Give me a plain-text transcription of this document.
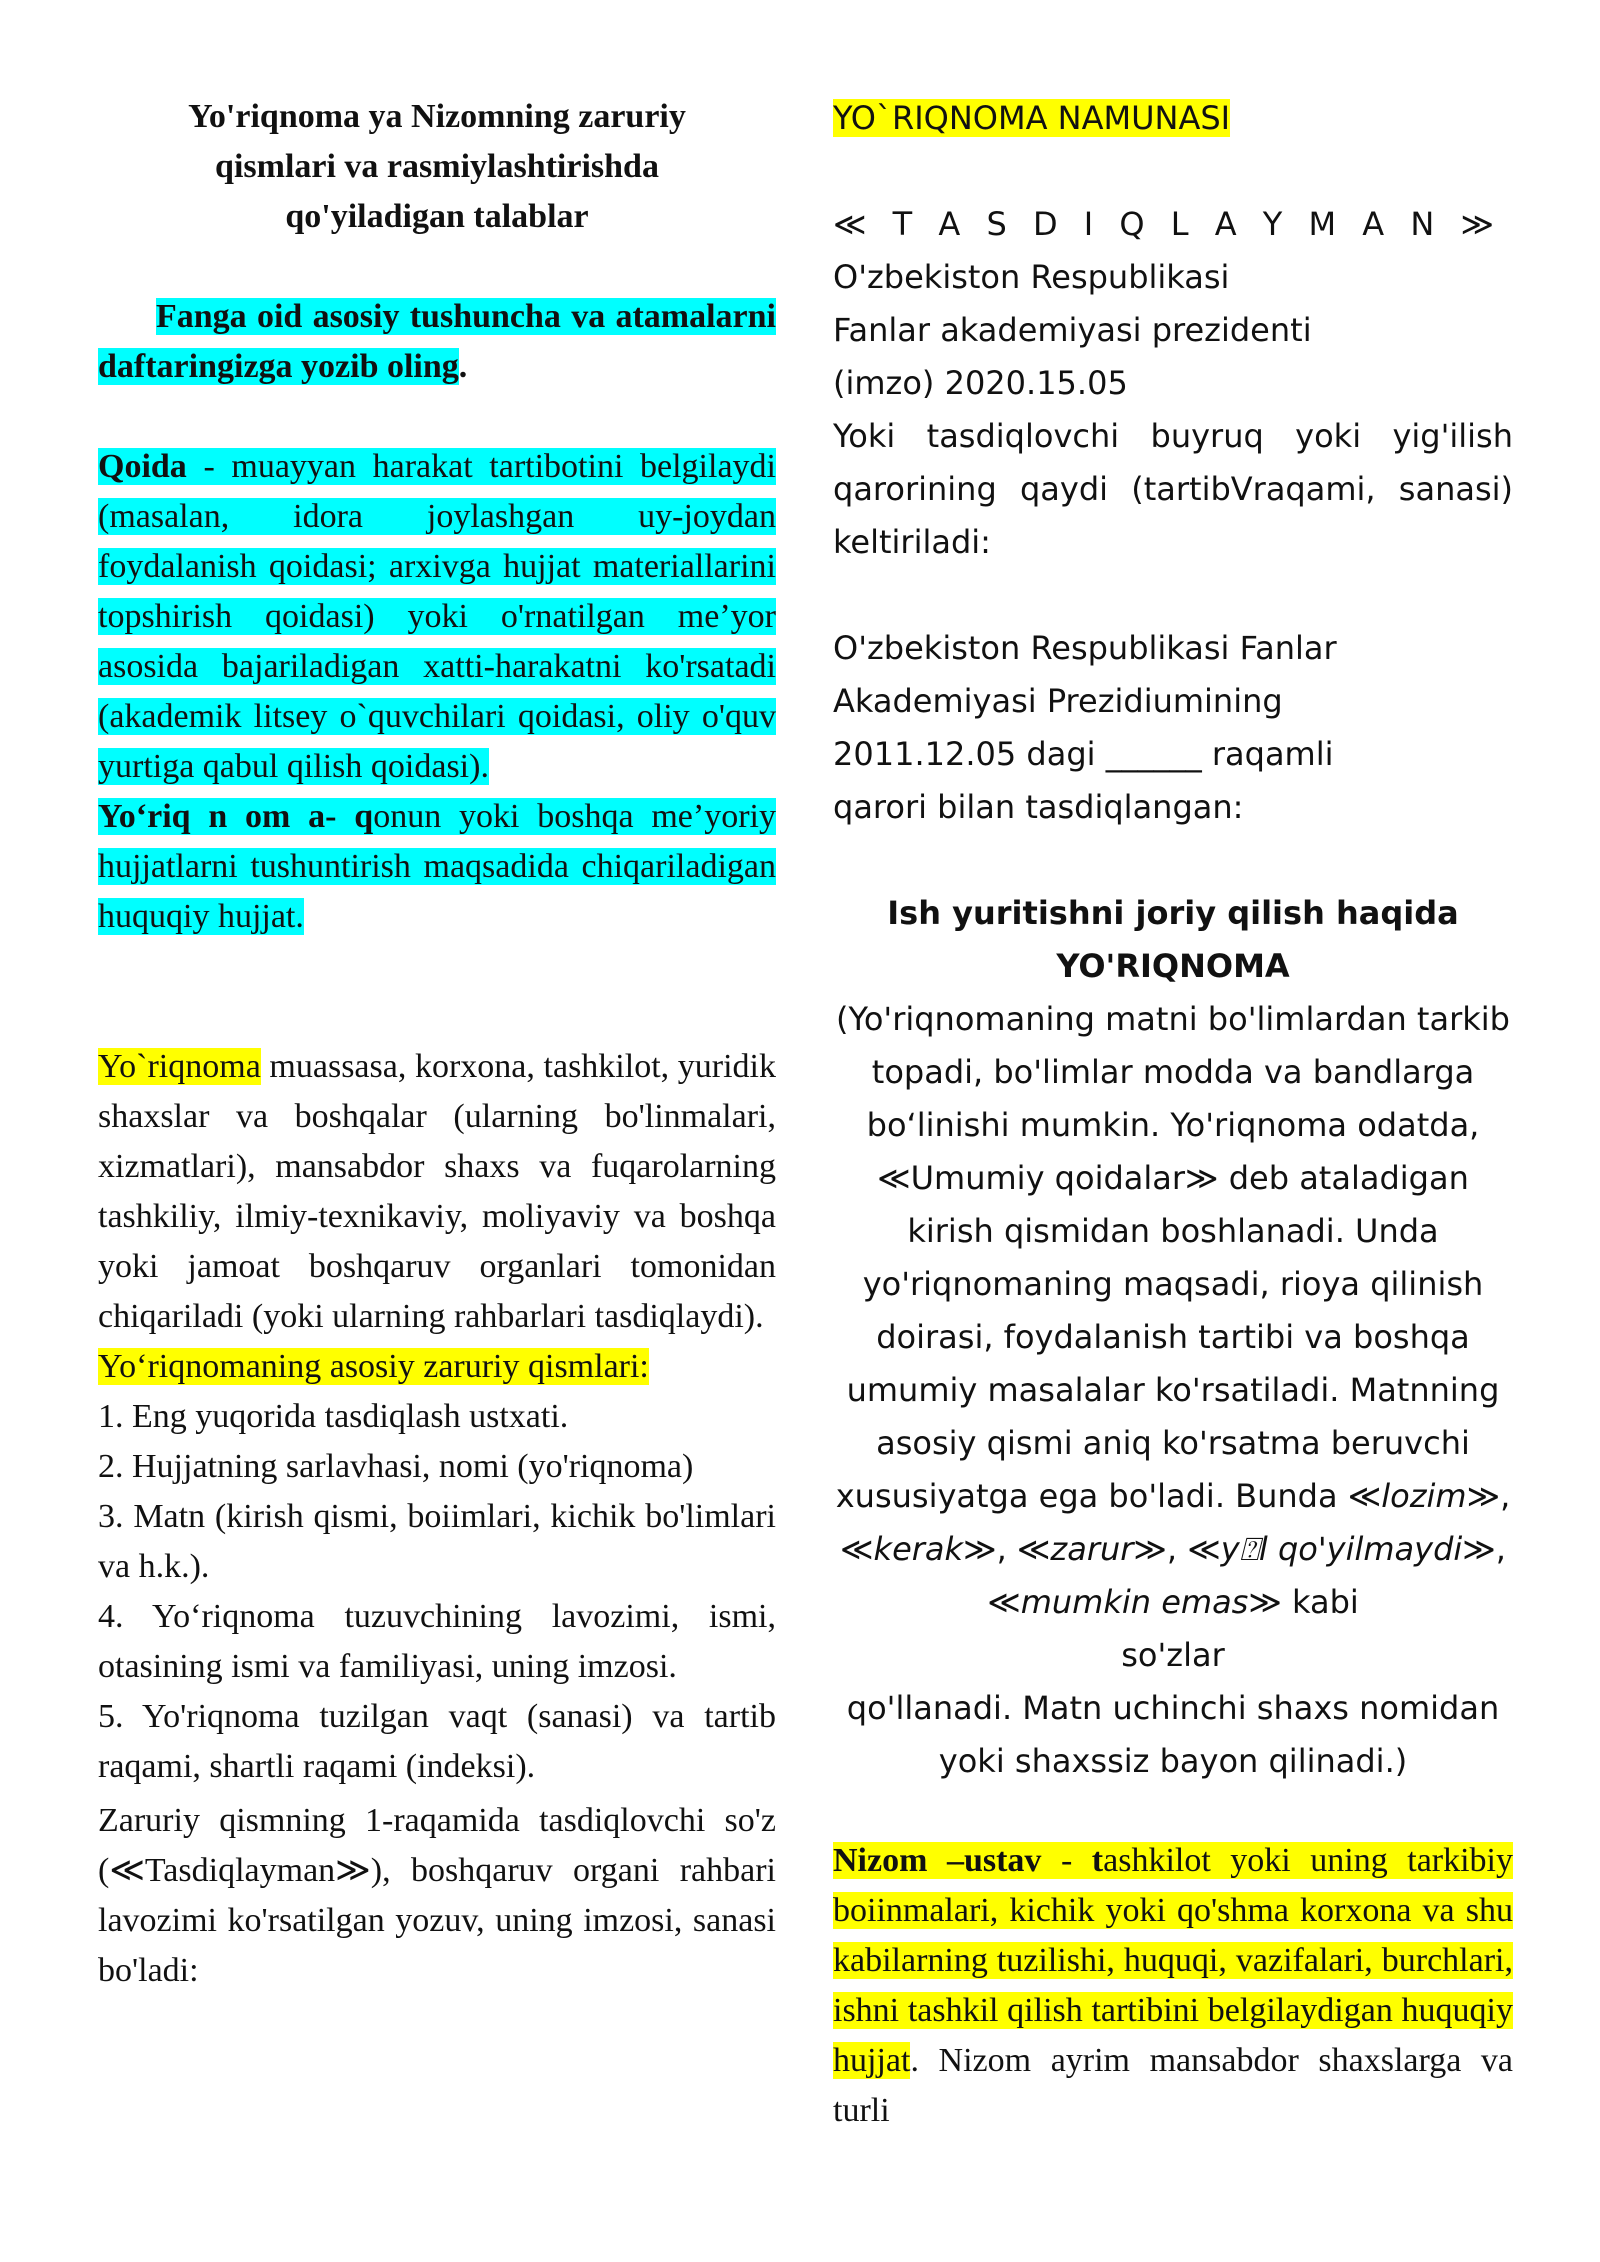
Yo'riqnoma ya Nizomning zaruriy qismlari va rasmiylashtirishda qo'yiladigan talablar

Fanga oid asosiy tushuncha va atamalarni daftaringizga yozib oling.

Qoida - muayyan harakat tartibotini belgilaydi (masalan, idora joylashgan uy-joydan foydalanish qoidasi; arxivga hujjat materiallarini topshirish qoidasi) yoki o'rnatilgan me’yor asosida bajariladigan xatti-harakatni ko'rsatadi (akademik litsey o`quvchilari qoidasi, oliy o'quv yurtiga qabul qilish qoidasi).

Yo‘riq n om a- qonun yoki boshqa me’yoriy hujjatlarni tushuntirish maqsadida chiqariladigan huquqiy hujjat.

Yo`riqnoma muassasa, korxona, tashkilot, yuridik shaxslar va boshqalar (ularning bo'linmalari, xizmatlari), mansabdor shaxs va fuqarolarning tashkiliy, ilmiy-texnikaviy, moliyaviy va boshqa yoki jamoat boshqaruv organlari tomonidan chiqariladi (yoki ularning rahbarlari tasdiqlaydi).

Yo‘riqnomaning asosiy zaruriy qismlari:

1. Eng yuqorida tasdiqlash ustxati.

2. Hujjatning sarlavhasi, nomi (yo'riqnoma)

3. Matn (kirish qismi, boiimlari, kichik bo'limlari va h.k.).

4. Yo‘riqnoma tuzuvchining lavozimi, ismi, otasining ismi va familiyasi, uning imzosi.

5. Yo'riqnoma tuzilgan vaqt (sanasi) va tartib raqami, shartli raqami (indeksi).

Zaruriy qismning 1-raqamida tasdiqlovchi so'z (≪Tasdiqlayman≫), boshqaruv organi rahbari lavozimi ko'rsatilgan yozuv, uning imzosi, sanasi bo'ladi:

YO`RIQNOMA NAMUNASI

≪ T A S D I Q L A Y M A N ≫

O'zbekiston Respublikasi

Fanlar akademiyasi prezidenti

(imzo) 2020.15.05

Yoki tasdiqlovchi buyruq yoki yig'ilish qarorining qaydi (tartibVraqami, sanasi) keltiriladi:

O'zbekiston Respublikasi Fanlar

Akademiyasi Prezidiumining

2011.12.05 dagi ______ raqamli

qarori bilan tasdiqlangan:

Ish yuritishni joriy qilish haqida

YO'RIQNOMA

(Yo'riqnomaning matni bo'limlardan tarkib topadi, bo'limlar modda va bandlarga bo‘linishi mumkin. Yo'riqnoma odatda, ≪Umumiy qoidalar≫ deb ataladigan kirish qismidan boshlanadi. Unda yo'riqnomaning maqsadi, rioya qilinish doirasi, foydalanish tartibi va boshqa umumiy masalalar ko'rsatiladi. Matnning asosiy qismi aniq ko'rsatma beruvchi xususiyatga ega bo'ladi. Bunda ≪lozim≫, ≪kerak≫, ≪zarur≫, ≪y⍰l qo'yilmaydi≫, ≪mumkin emas≫ kabi

so'zlar

qo'llanadi. Matn uchinchi shaxs nomidan yoki shaxssiz bayon qilinadi.)

Nizom –ustav - tashkilot yoki uning tarkibiy boiinmalari, kichik yoki qo'shma korxona va shu kabilarning tuzilishi, huquqi, vazifalari, burchlari, ishni tashkil qilish tartibini belgilaydigan huquqiy hujjat. Nizom ayrim mansabdor shaxslarga va turli
